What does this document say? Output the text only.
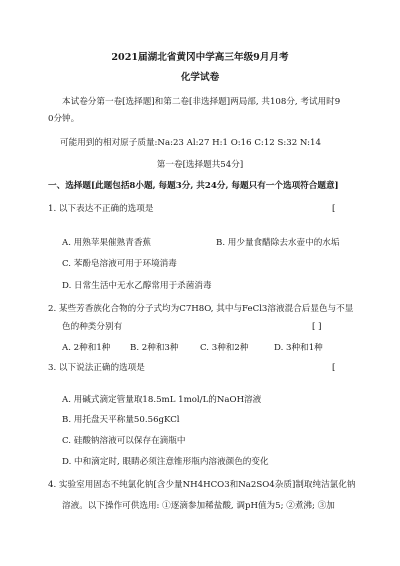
2021届湖北省黄冈中学高三年级9月月考
化学试卷
本试卷分第一卷[选择题]和第二卷[非选择题]两局部, 共108分, 考试用时9
0分钟。
可能用到的相对原子质量:Na:23 Al:27 H:1 O:16 C:12 S:32 N:14
第一卷[选择题共54分]
一、选择题[此题包括8小题, 每题3分, 共24分, 每题只有一个选项符合题意]
1. 以下表达不正确的选项是	[
A. 用熟苹果催熟青香蕉	B. 用少量食醋除去水壶中的水垢
C. 苯酚皂溶液可用于环境消毒
D. 日常生活中无水乙醇常用于杀菌消毒
2. 某些芳香族化合物的分子式均为C7H8O, 其中与FeCl3溶液混合后显色与不显
色的种类分别有	[ ]
A. 2种和1种 B. 2种和3种	C. 3种和2种	D. 3种和1种
3. 以下说法正确的选项是	[
A. 用碱式滴定管量取18.5mL 1mol/L的NaOH溶液
B. 用托盘天平称量50.56gKCl
C. 硅酸钠溶液可以保存在滴瓶中
D. 中和滴定时, 眼睛必须注意锥形瓶内溶液颜色的变化
4. 实验室用固态不纯氯化钠[含少量NH4HCO3和Na2SO4杂质]制取纯洁氯化钠
溶液。以下操作可供选用: ①逐滴参加稀盐酸, 调pH值为5; ②煮沸; ③加
